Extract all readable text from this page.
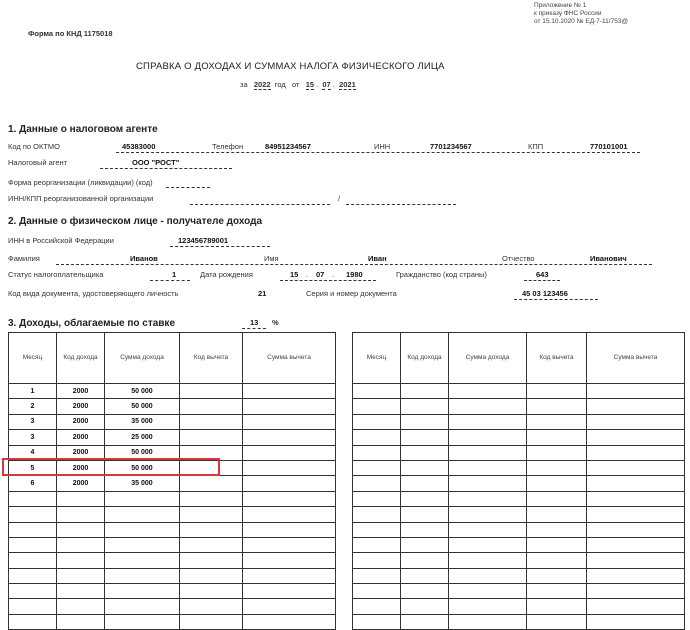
Приложение № 1
к приказу ФНС России
от 15.10.2020 № ЕД-7-11/753@
Форма по КНД 1175018
СПРАВКА О ДОХОДАХ И СУММАХ НАЛОГА ФИЗИЧЕСКОГО ЛИЦА
за 2022 год от 15 .  07 .  2021
1. Данные о налоговом агенте
Код по ОКТМО	45383000	Телефон	84951234567	ИНН	7701234567	КПП	770101001
Налоговый агент	ООО "РОСТ"
Форма реорганизации (ликвидации) (код)
ИНН/КПП реорганизованной организации	/
2. Данные о физическом лице - получателе дохода
ИНН в Российской Федерации	123456789001
Фамилия	Иванов	Имя	Иван	Отчество	Иванович
Статус налогоплательщика	1	Дата рождения	15 . 07 . 1980	Гражданство (код страны)	643
Код вида документа, удостоверяющего личность	21	Серия и номер документа	45 03 123456
3. Доходы, облагаемые по ставке	13 %
Месяц	Код дохода	Сумма дохода	Код вычета	Сумма вычета
1	2000	50 000		
2	2000	50 000		
3	2000	35 000		
3	2000	25 000		
4	2000	50 000		
5	2000	50 000		
6	2000	35 000		

Месяц	Код дохода	Сумма дохода	Код вычета	Сумма вычета
